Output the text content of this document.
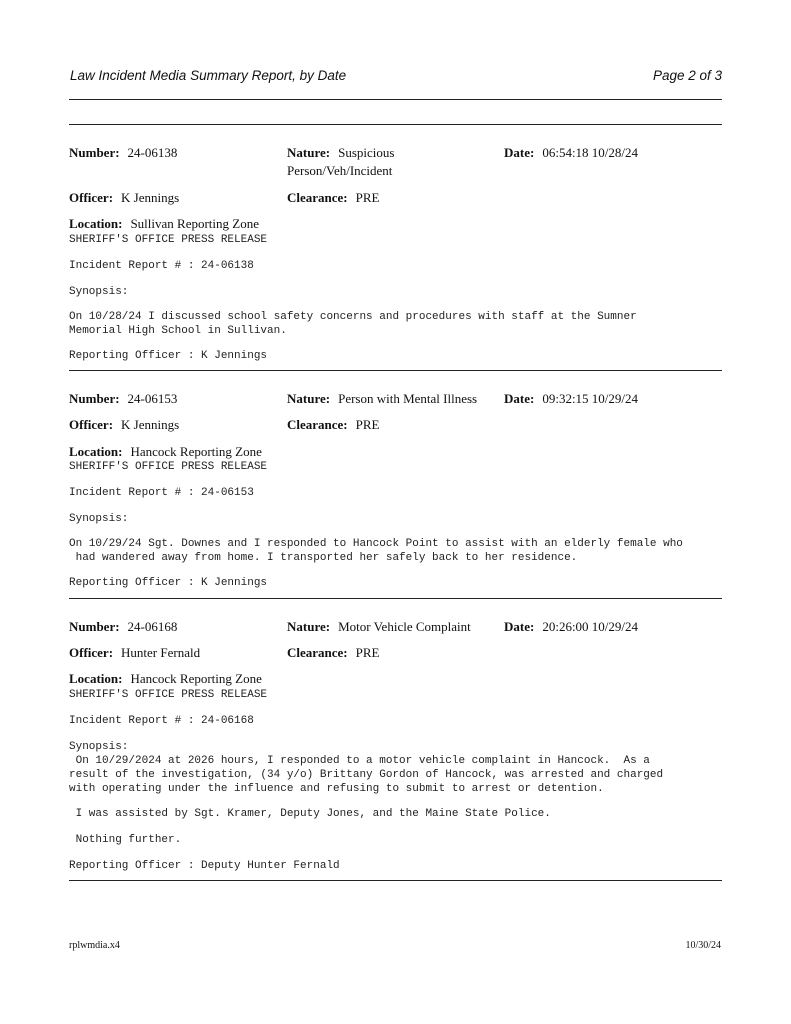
Law Incident Media Summary Report, by Date	Page 2 of 3
Number: 24-06138	Nature: Suspicious Person/Veh/Incident
Date: 06:54:18 10/28/24
Officer: K Jennings	Clearance: PRE
Location: Sullivan Reporting Zone
SHERIFF'S OFFICE PRESS RELEASE
Incident Report # : 24-06138
Synopsis:
On 10/28/24 I discussed school safety concerns and procedures with staff at the Sumner
Memorial High School in Sullivan.
Reporting Officer : K Jennings
Number: 24-06153	Nature: Person with Mental Illness Date: 09:32:15 10/29/24
Officer: K Jennings	Clearance: PRE
Location: Hancock Reporting Zone
SHERIFF'S OFFICE PRESS RELEASE
Incident Report # : 24-06153
Synopsis:
On 10/29/24 Sgt. Downes and I responded to Hancock Point to assist with an elderly female who
had wandered away from home. I transported her safely back to her residence.
Reporting Officer : K Jennings
Number: 24-06168	Nature: Motor Vehicle Complaint	Date: 20:26:00 10/29/24
Officer: Hunter Fernald	Clearance: PRE
Location: Hancock Reporting Zone
SHERIFF'S OFFICE PRESS RELEASE
Incident Report # : 24-06168
Synopsis:
On 10/29/2024 at 2026 hours, I responded to a motor vehicle complaint in Hancock.  As a
result of the investigation, (34 y/o) Brittany Gordon of Hancock, was arrested and charged
with operating under the influence and refusing to submit to arrest or detention.
I was assisted by Sgt. Kramer, Deputy Jones, and the Maine State Police.
Nothing further.
Reporting Officer : Deputy Hunter Fernald
rplwmdia.x4	10/30/24
